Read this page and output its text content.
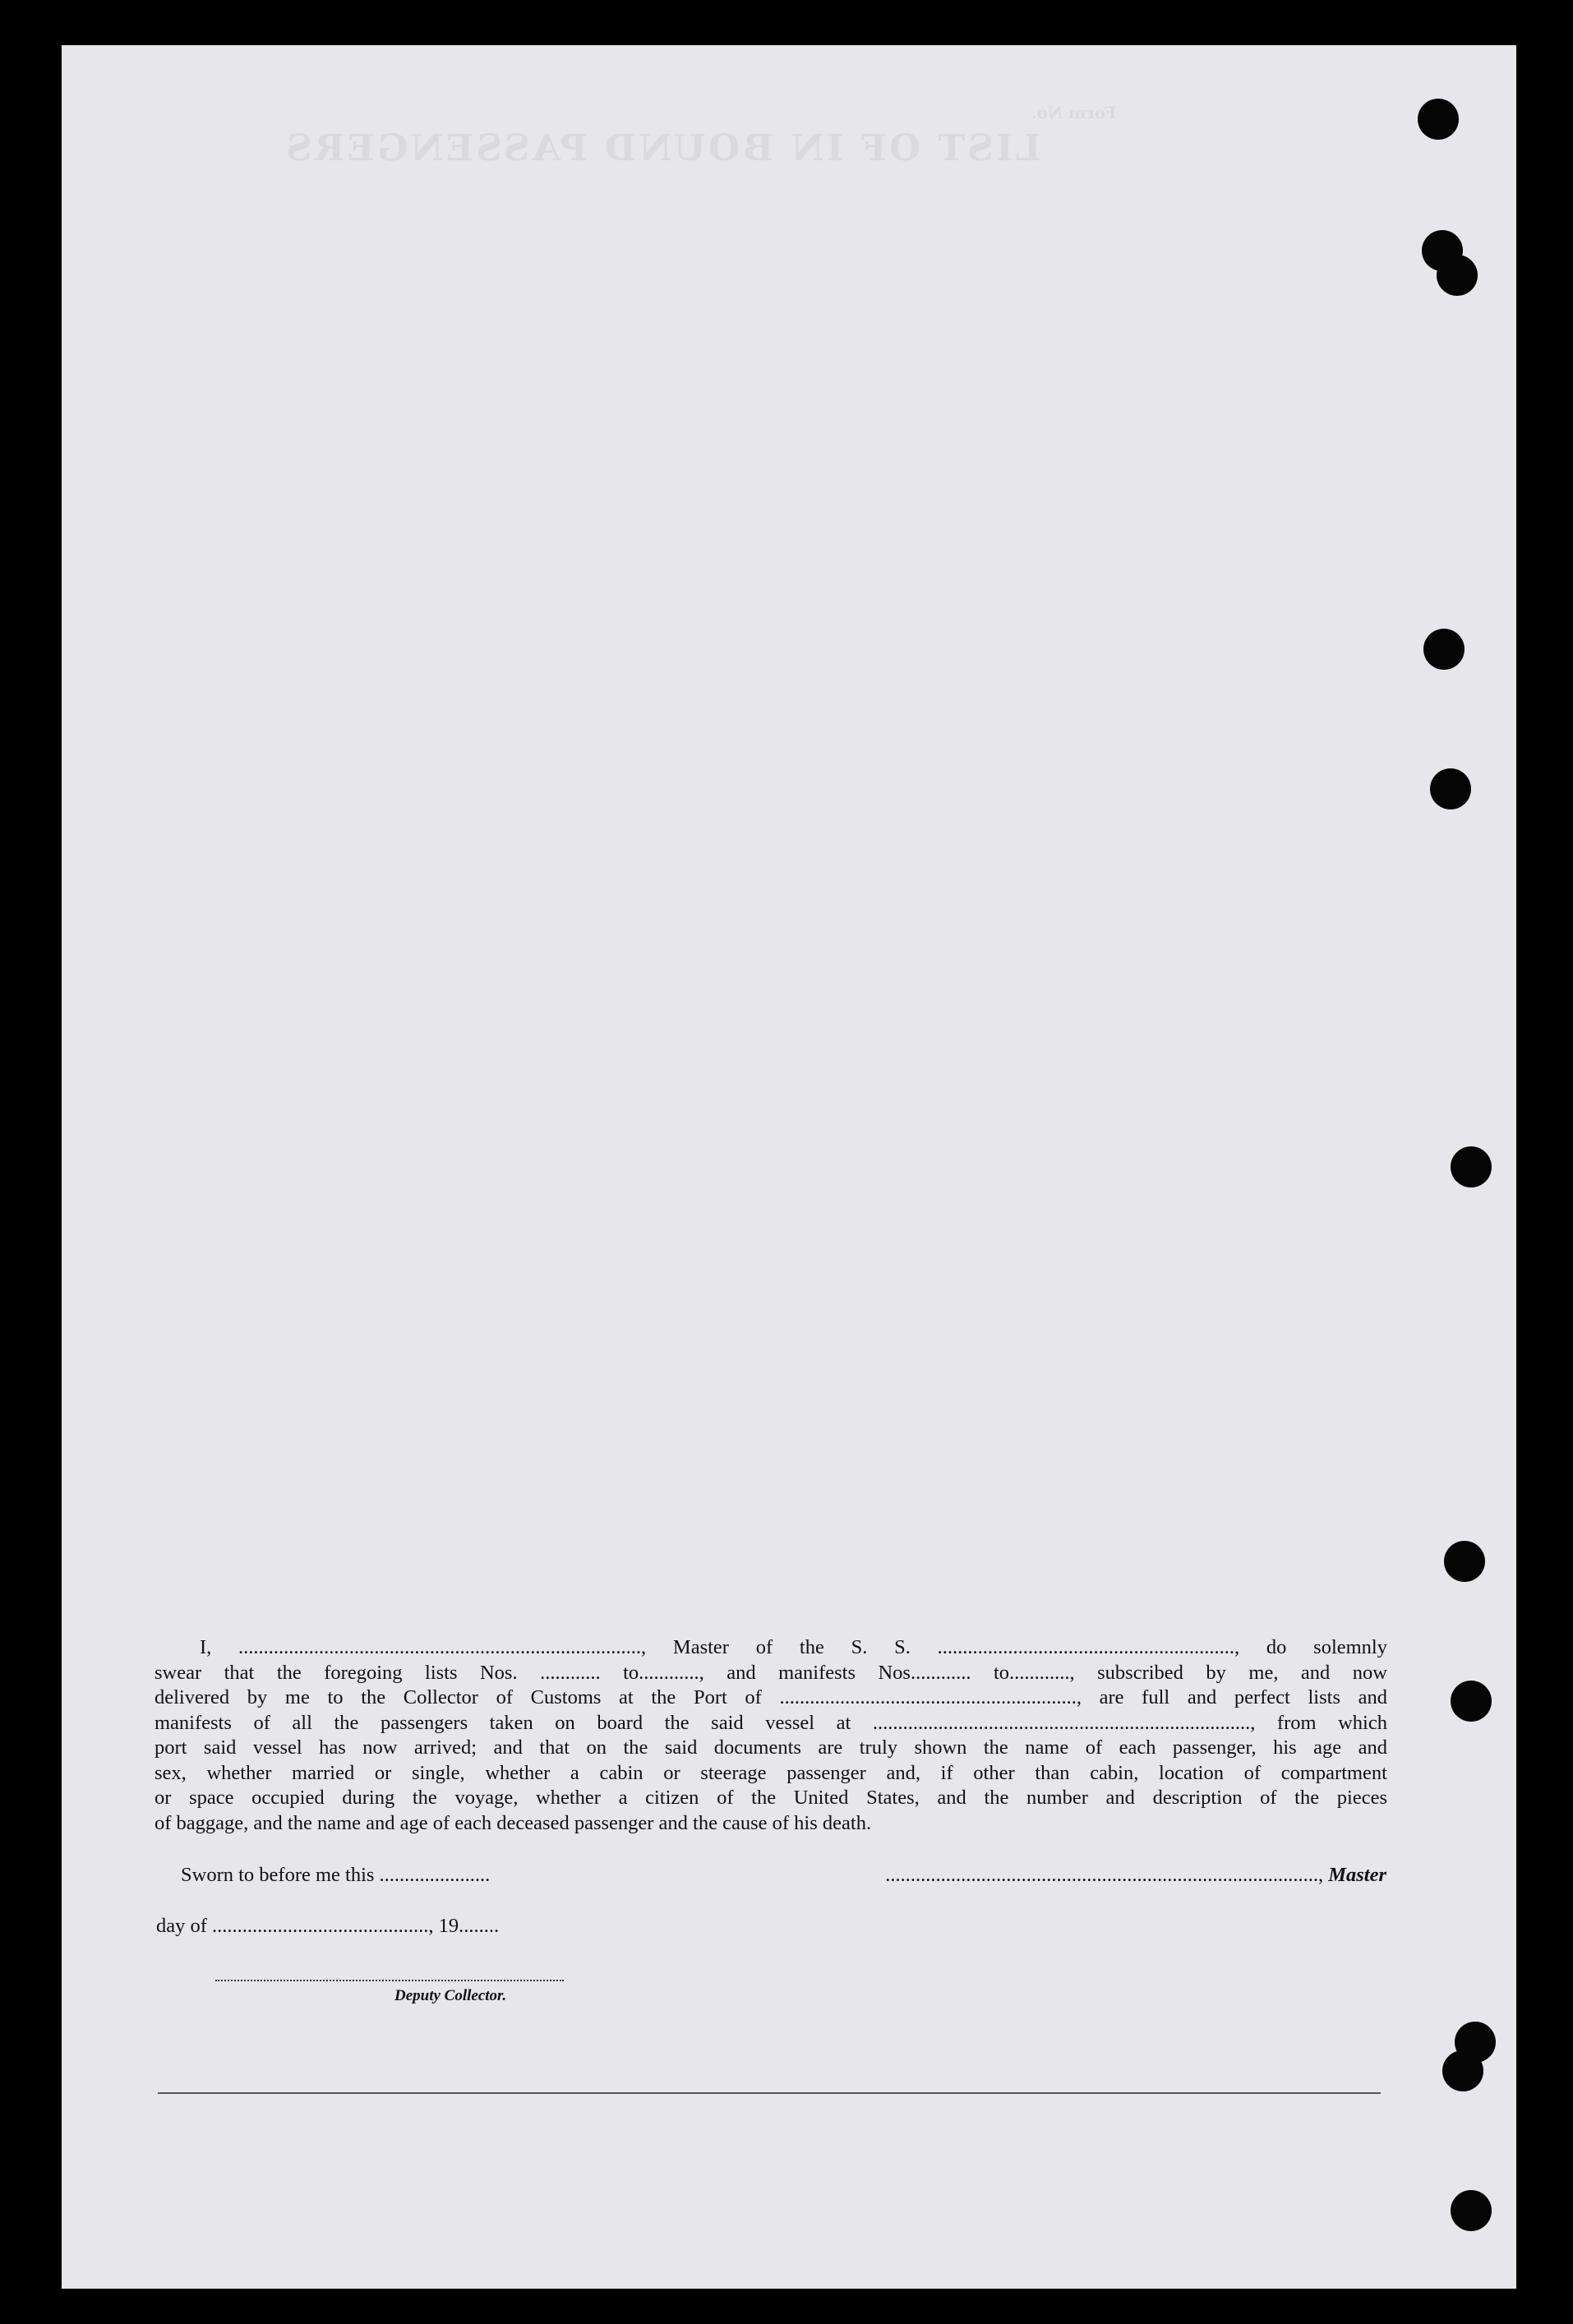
LIST OF IN BOUND PASSENGERS
Form No.
I, ................................................................................, Master of the S. S. ..........................................................., do solemnly
swear that the foregoing lists Nos. ............ to............, and manifests Nos............ to............, subscribed by me, and now
delivered by me to the Collector of Customs at the Port of ..........................................................., are full and perfect lists and
manifests of all the passengers taken on board the said vessel at ..........................................................................., from which
port said vessel has now arrived; and that on the said documents are truly shown the name of each passenger, his age and
sex, whether married or single, whether a cabin or steerage passenger and, if other than cabin, location of compartment
or space occupied during the voyage, whether a citizen of the United States, and the number and description of the pieces
of baggage, and the name and age of each deceased passenger and the cause of his death.
Sworn to before me this ......................	......................................................................................, Master
day of ..........................................., 19........
Deputy Collector.
